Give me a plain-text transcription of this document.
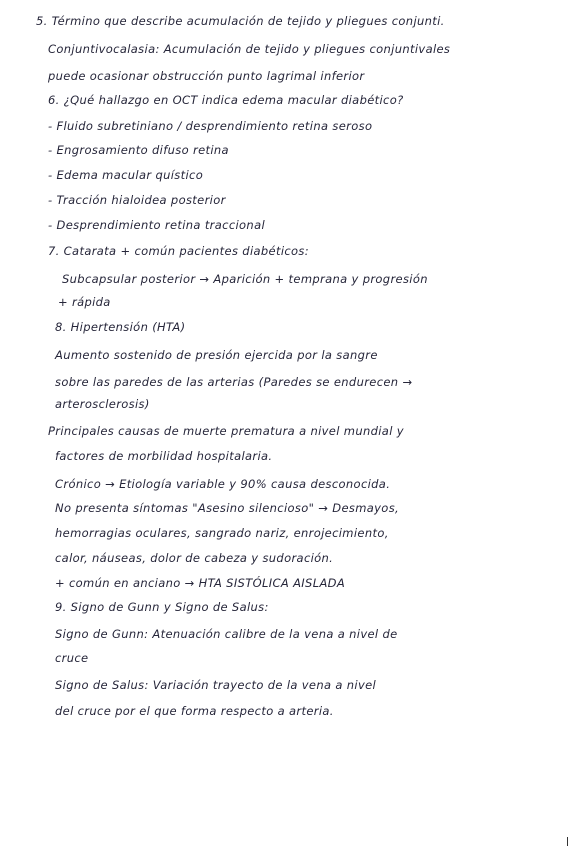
5. Término que describe acumulación de tejido y pliegues conjunti.
Conjuntivocalasia: Acumulación de tejido y pliegues conjuntivales
puede ocasionar obstrucción punto lagrimal inferior
6. ¿Qué hallazgo en OCT indica edema macular diabético?
- Fluido subretiniano / desprendimiento retina seroso
- Engrosamiento difuso retina
- Edema macular quístico
- Tracción hialoidea posterior
- Desprendimiento retina traccional
7. Catarata + común pacientes diabéticos:
Subcapsular posterior → Aparición + temprana y progresión
+ rápida
8. Hipertensión (HTA)
Aumento sostenido de presión ejercida por la sangre
sobre las paredes de las arterias (Paredes se endurecen →
arterosclerosis)
Principales causas de muerte prematura a nivel mundial y
factores de morbilidad hospitalaria.
Crónico → Etiología variable y 90% causa desconocida.
No presenta síntomas "Asesino silencioso" → Desmayos,
hemorragias oculares, sangrado nariz, enrojecimiento,
calor, náuseas, dolor de cabeza y sudoración.
+ común en anciano → HTA SISTÓLICA AISLADA
9. Signo de Gunn y Signo de Salus:
Signo de Gunn: Atenuación calibre de la vena a nivel de
cruce
Signo de Salus: Variación trayecto de la vena a nivel
del cruce por el que forma respecto a arteria.
